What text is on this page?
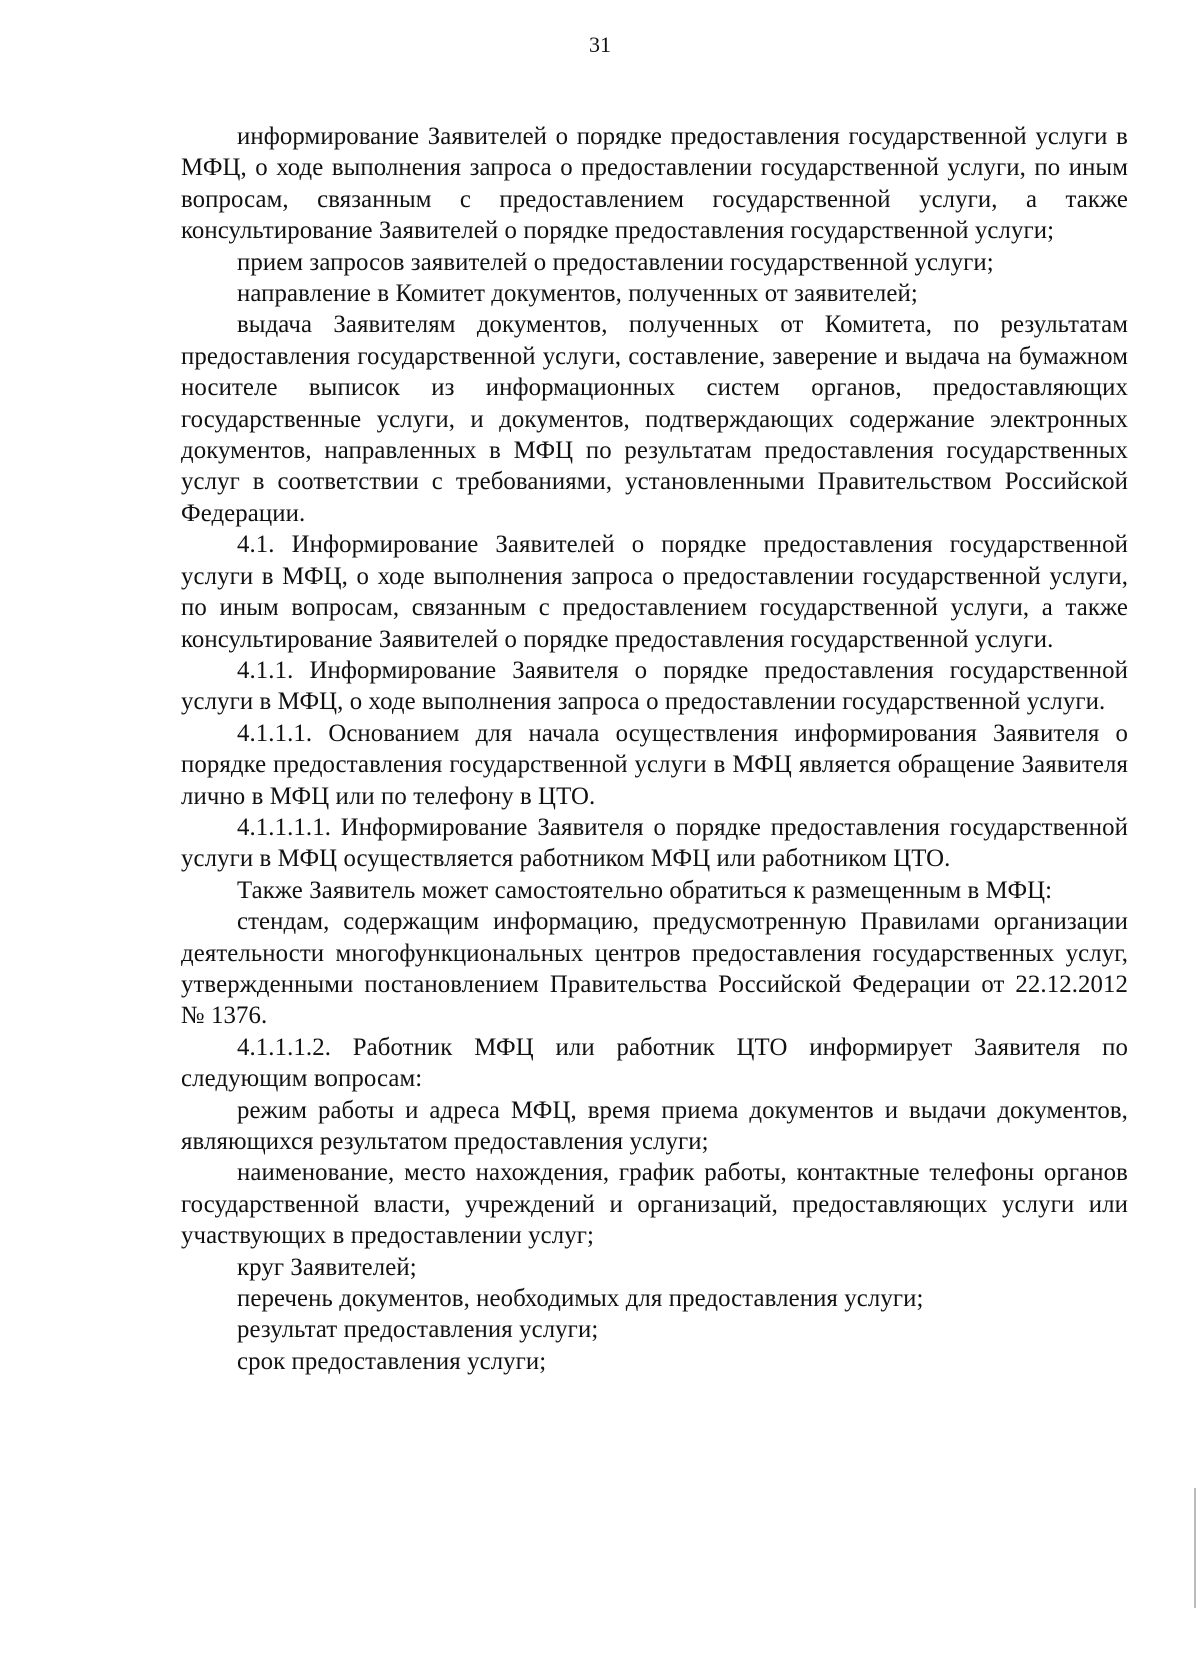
31

информирование Заявителей о порядке предоставления государственной услуги в МФЦ, о ходе выполнения запроса о предоставлении государственной услуги, по иным вопросам, связанным с предоставлением государственной услуги, а также консультирование Заявителей о порядке предоставления государственной услуги;

прием запросов заявителей о предоставлении государственной услуги;

направление в Комитет документов, полученных от заявителей;

выдача Заявителям документов, полученных от Комитета, по результатам предоставления государственной услуги, составление, заверение и выдача на бумажном носителе выписок из информационных систем органов, предоставляющих государственные услуги, и документов, подтверждающих содержание электронных документов, направленных в МФЦ по результатам предоставления государственных услуг в соответствии с требованиями, установленными Правительством Российской Федерации.

4.1. Информирование Заявителей о порядке предоставления государственной услуги в МФЦ, о ходе выполнения запроса о предоставлении государственной услуги, по иным вопросам, связанным с предоставлением государственной услуги, а также консультирование Заявителей о порядке предоставления государственной услуги.

4.1.1. Информирование Заявителя о порядке предоставления государственной услуги в МФЦ, о ходе выполнения запроса о предоставлении государственной услуги.

4.1.1.1. Основанием для начала осуществления информирования Заявителя о порядке предоставления государственной услуги в МФЦ является обращение Заявителя лично в МФЦ или по телефону в ЦТО.

4.1.1.1.1. Информирование Заявителя о порядке предоставления государственной услуги в МФЦ осуществляется работником МФЦ или работником ЦТО.

Также Заявитель может самостоятельно обратиться к размещенным в МФЦ:

стендам, содержащим информацию, предусмотренную Правилами организации деятельности многофункциональных центров предоставления государственных услуг, утвержденными постановлением Правительства Российской Федерации от 22.12.2012 № 1376.

4.1.1.1.2. Работник МФЦ или работник ЦТО информирует Заявителя по следующим вопросам:

режим работы и адреса МФЦ, время приема документов и выдачи документов, являющихся результатом предоставления услуги;

наименование, место нахождения, график работы, контактные телефоны органов государственной власти, учреждений и организаций, предоставляющих услуги или участвующих в предоставлении услуг;

круг Заявителей;

перечень документов, необходимых для предоставления услуги;

результат предоставления услуги;

срок предоставления услуги;
